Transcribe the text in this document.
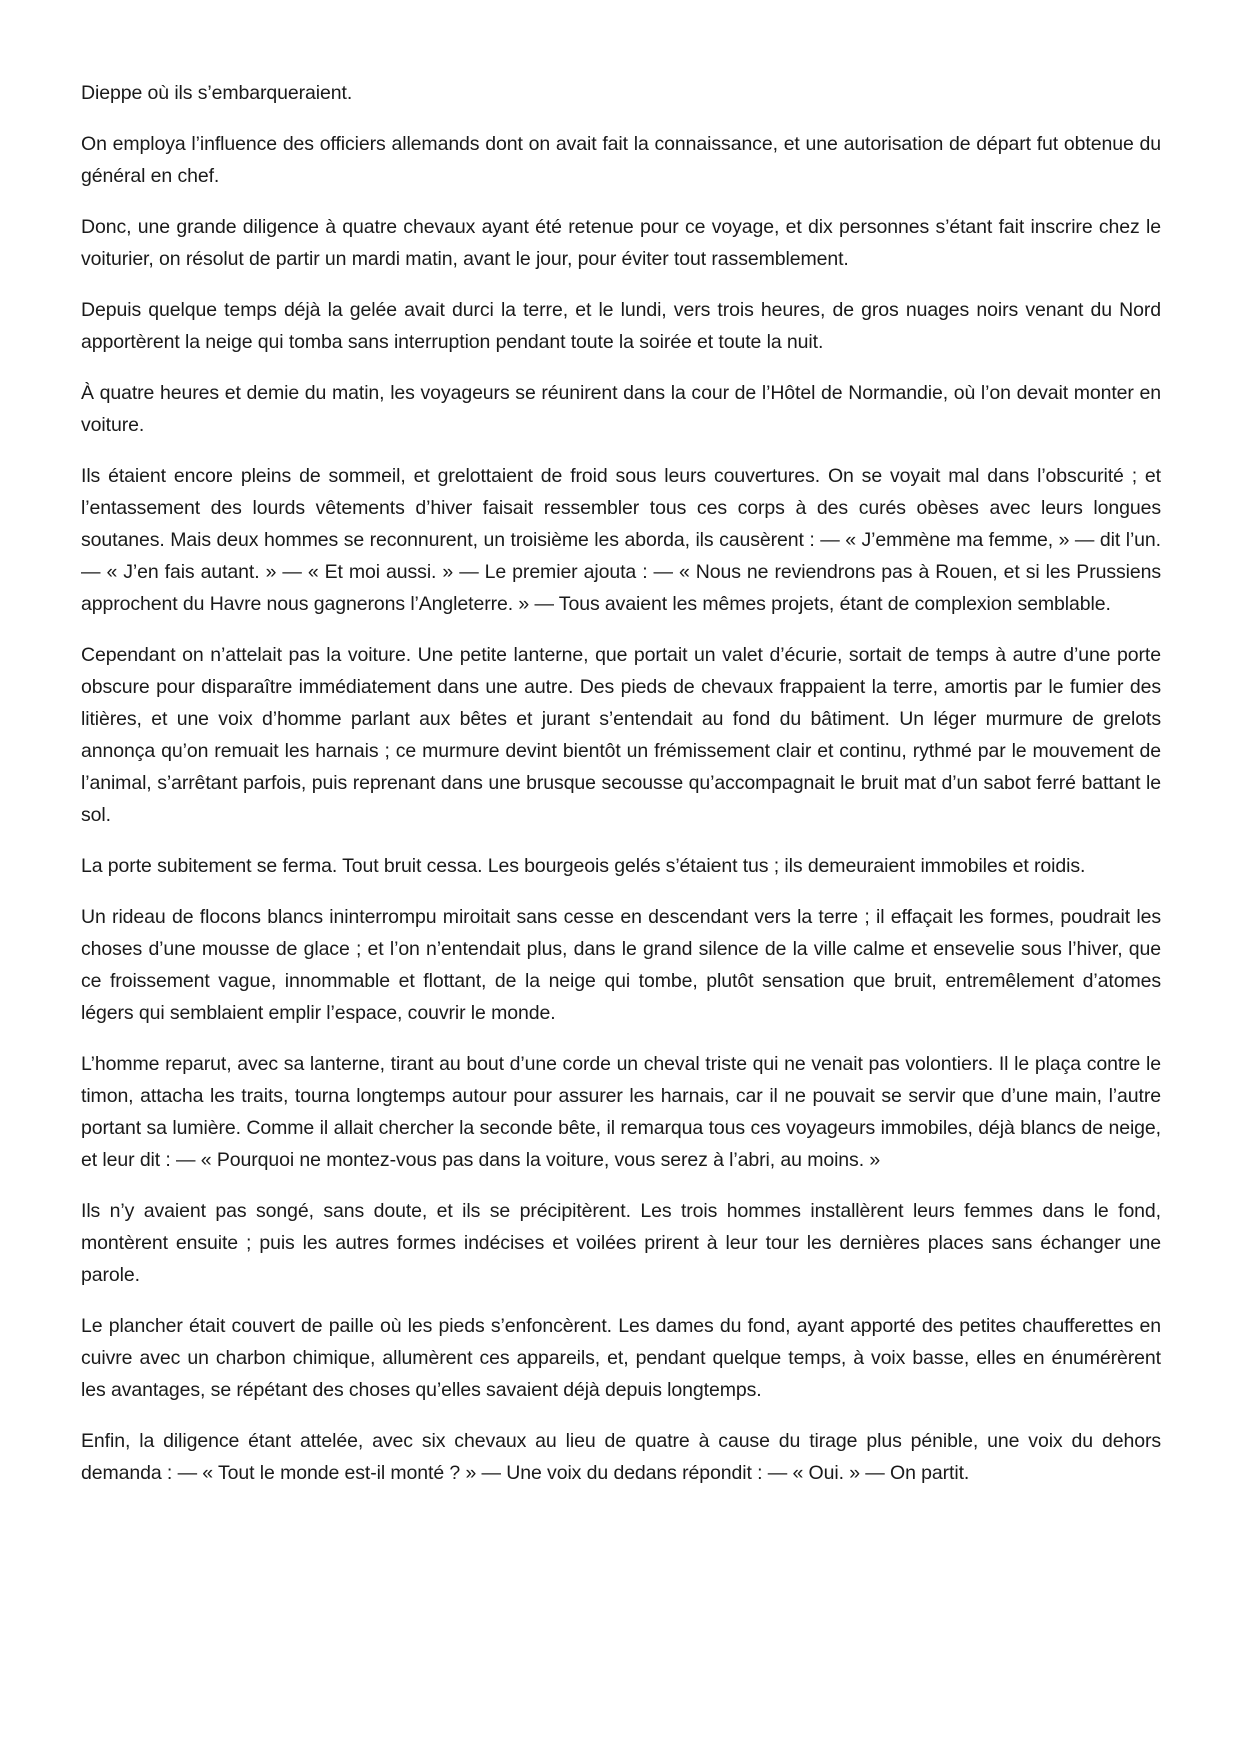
Dieppe où ils s’embarqueraient.

On employa l’influence des officiers allemands dont on avait fait la connaissance, et une autorisation de départ fut obtenue du général en chef.

Donc, une grande diligence à quatre chevaux ayant été retenue pour ce voyage, et dix personnes s’étant fait inscrire chez le voiturier, on résolut de partir un mardi matin, avant le jour, pour éviter tout rassemblement.

Depuis quelque temps déjà la gelée avait durci la terre, et le lundi, vers trois heures, de gros nuages noirs venant du Nord apportèrent la neige qui tomba sans interruption pendant toute la soirée et toute la nuit.

À quatre heures et demie du matin, les voyageurs se réunirent dans la cour de l’Hôtel de Normandie, où l’on devait monter en voiture.

Ils étaient encore pleins de sommeil, et grelottaient de froid sous leurs couvertures. On se voyait mal dans l’obscurité ; et l’entassement des lourds vêtements d’hiver faisait ressembler tous ces corps à des curés obèses avec leurs longues soutanes. Mais deux hommes se reconnurent, un troisième les aborda, ils causèrent : — « J’emmène ma femme, » — dit l’un. — « J’en fais autant. » — « Et moi aussi. » — Le premier ajouta : — « Nous ne reviendrons pas à Rouen, et si les Prussiens approchent du Havre nous gagnerons l’Angleterre. » — Tous avaient les mêmes projets, étant de complexion semblable.

Cependant on n’attelait pas la voiture. Une petite lanterne, que portait un valet d’écurie, sortait de temps à autre d’une porte obscure pour disparaître immédiatement dans une autre. Des pieds de chevaux frappaient la terre, amortis par le fumier des litières, et une voix d’homme parlant aux bêtes et jurant s’entendait au fond du bâtiment. Un léger murmure de grelots annonça qu’on remuait les harnais ; ce murmure devint bientôt un frémissement clair et continu, rythmé par le mouvement de l’animal, s’arrêtant parfois, puis reprenant dans une brusque secousse qu’accompagnait le bruit mat d’un sabot ferré battant le sol.

La porte subitement se ferma. Tout bruit cessa. Les bourgeois gelés s’étaient tus ; ils demeuraient immobiles et roidis.

Un rideau de flocons blancs ininterrompu miroitait sans cesse en descendant vers la terre ; il effaçait les formes, poudrait les choses d’une mousse de glace ; et l’on n’entendait plus, dans le grand silence de la ville calme et ensevelie sous l’hiver, que ce froissement vague, innommable et flottant, de la neige qui tombe, plutôt sensation que bruit, entremêlement d’atomes légers qui semblaient emplir l’espace, couvrir le monde.

L’homme reparut, avec sa lanterne, tirant au bout d’une corde un cheval triste qui ne venait pas volontiers. Il le plaça contre le timon, attacha les traits, tourna longtemps autour pour assurer les harnais, car il ne pouvait se servir que d’une main, l’autre portant sa lumière. Comme il allait chercher la seconde bête, il remarqua tous ces voyageurs immobiles, déjà blancs de neige, et leur dit : — « Pourquoi ne montez-vous pas dans la voiture, vous serez à l’abri, au moins. »

Ils n’y avaient pas songé, sans doute, et ils se précipitèrent. Les trois hommes installèrent leurs femmes dans le fond, montèrent ensuite ; puis les autres formes indécises et voilées prirent à leur tour les dernières places sans échanger une parole.

Le plancher était couvert de paille où les pieds s’enfoncèrent. Les dames du fond, ayant apporté des petites chaufferettes en cuivre avec un charbon chimique, allumèrent ces appareils, et, pendant quelque temps, à voix basse, elles en énumérèrent les avantages, se répétant des choses qu’elles savaient déjà depuis longtemps.

Enfin, la diligence étant attelée, avec six chevaux au lieu de quatre à cause du tirage plus pénible, une voix du dehors demanda : — « Tout le monde est-il monté ? » — Une voix du dedans répondit : — « Oui. » — On partit.
